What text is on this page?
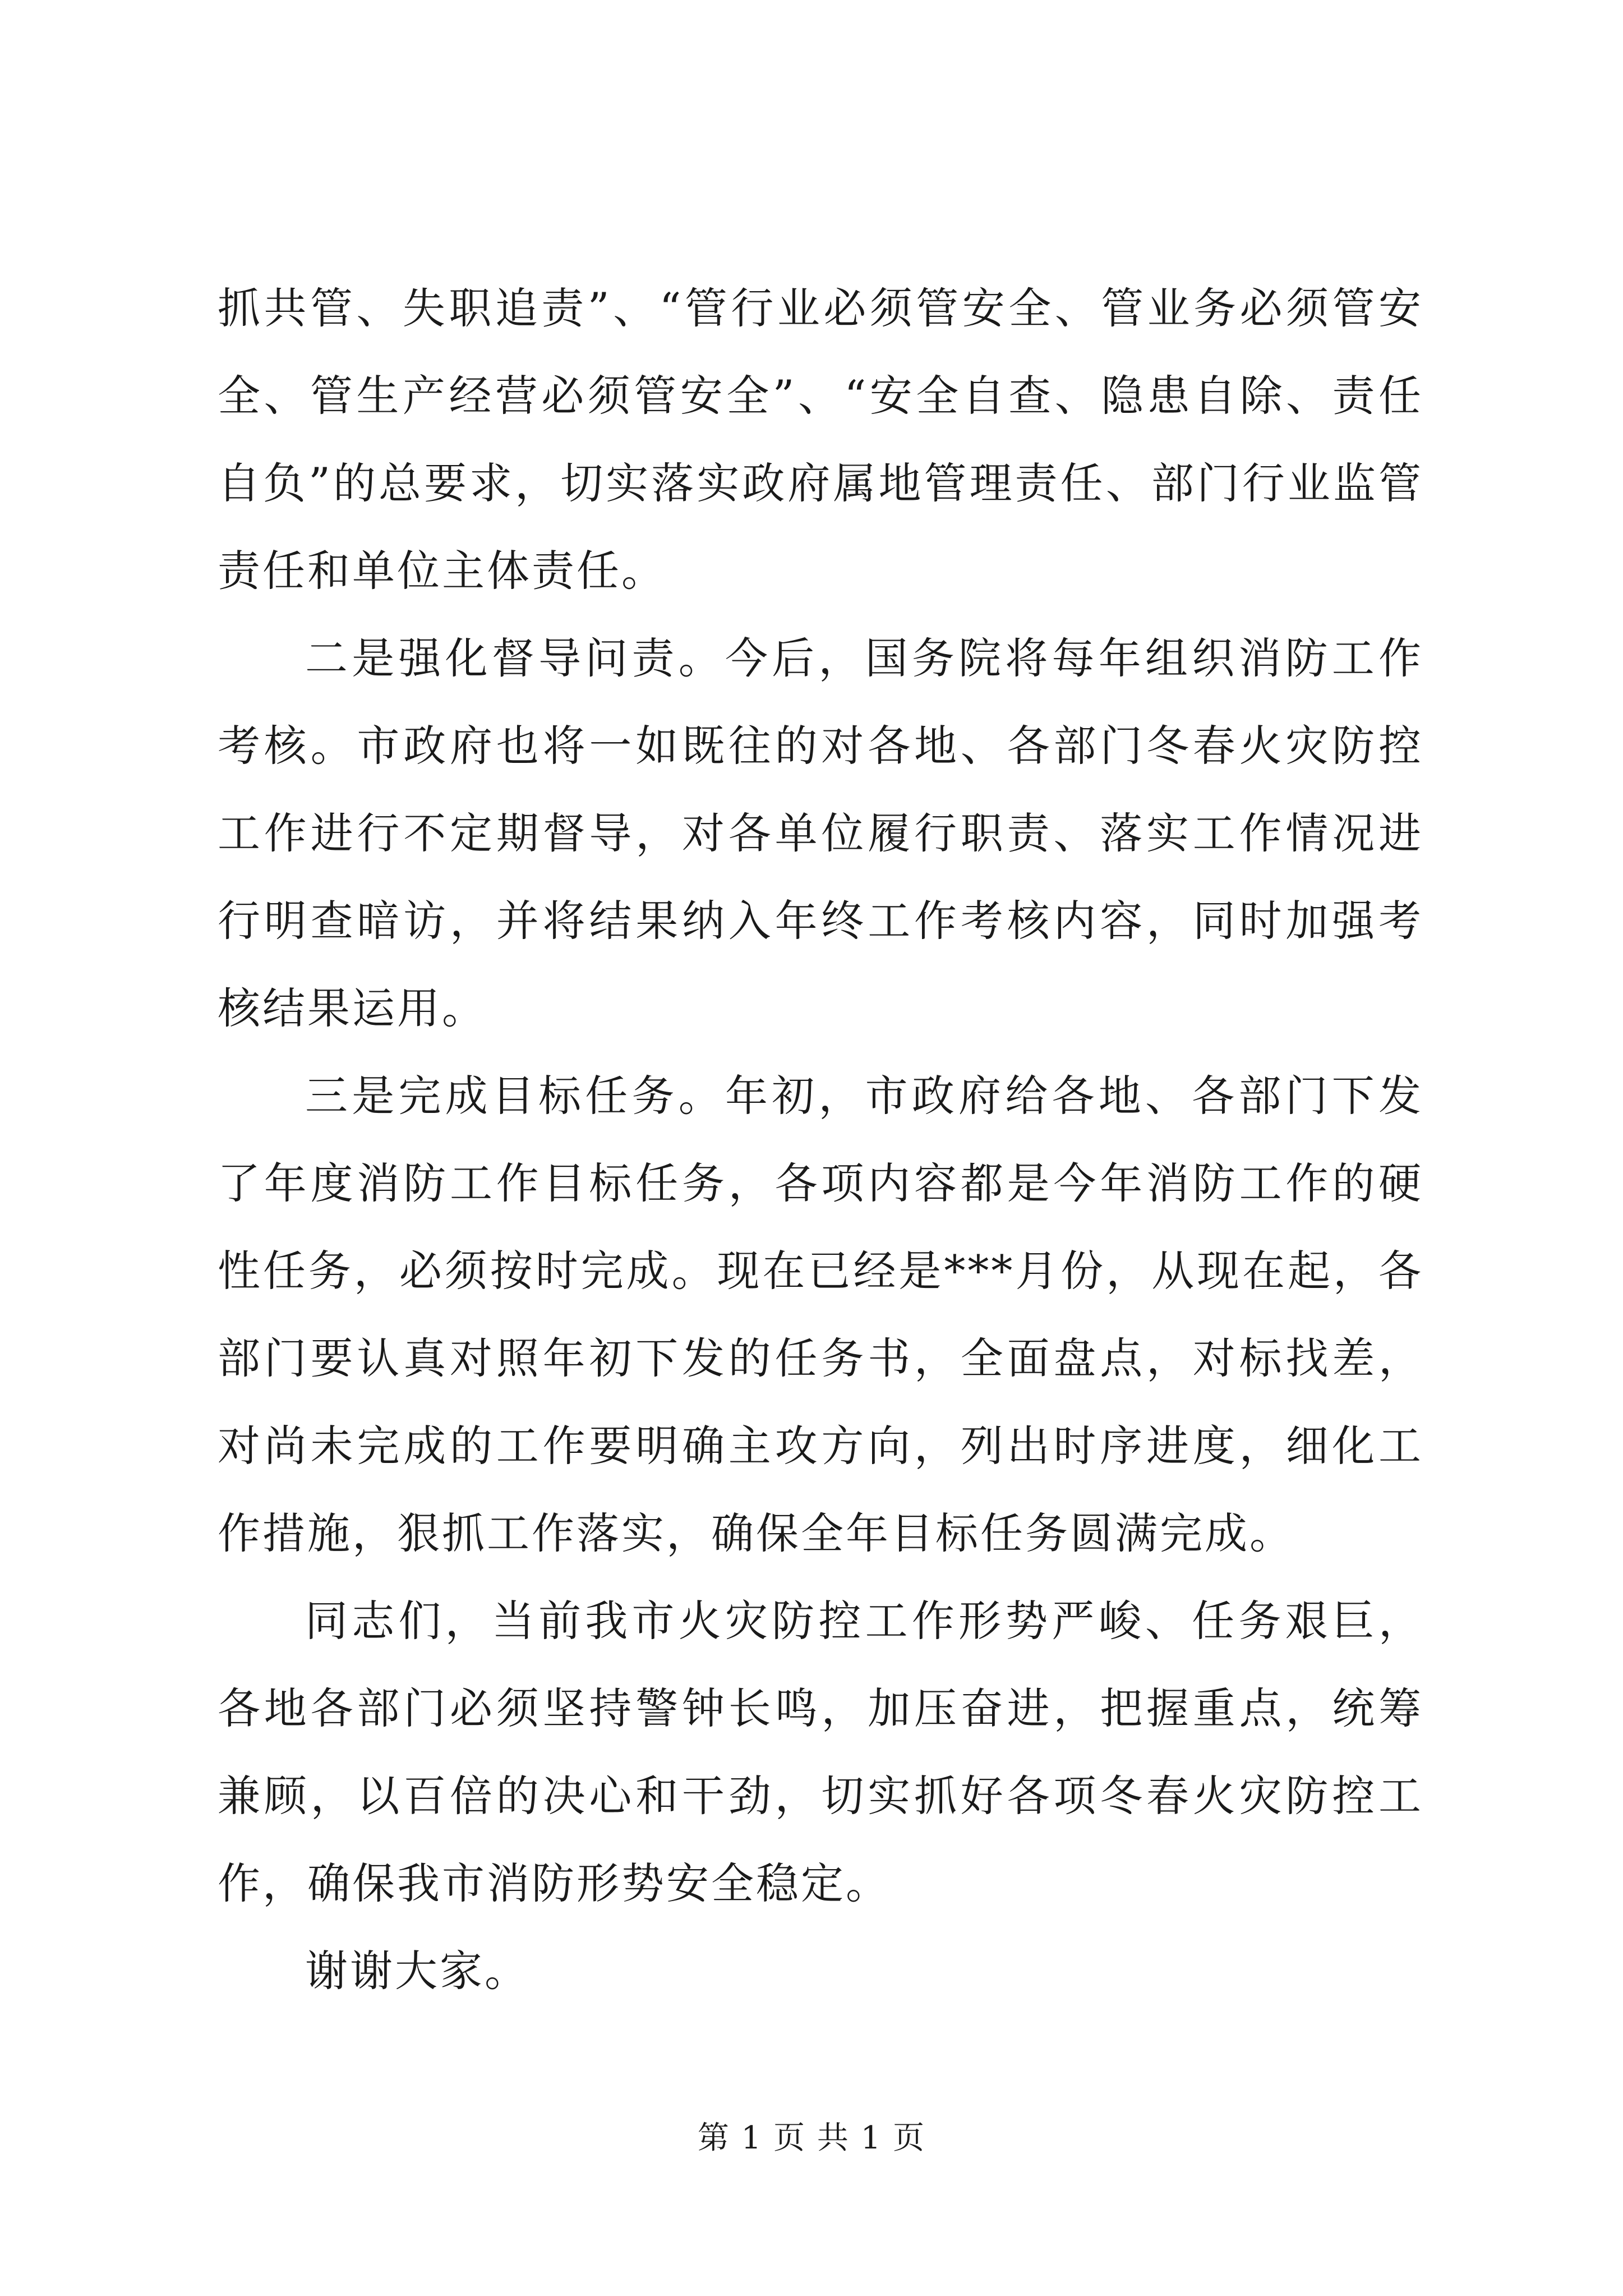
抓共管、失职追责”、“管行业必须管安全、管业务必须管安全、管生产经营必须管安全”、“安全自查、隐患自除、责任自负”的总要求，切实落实政府属地管理责任、部门行业监管责任和单位主体责任。

二是强化督导问责。今后，国务院将每年组织消防工作考核。市政府也将一如既往的对各地、各部门冬春火灾防控工作进行不定期督导，对各单位履行职责、落实工作情况进行明查暗访，并将结果纳入年终工作考核内容，同时加强考核结果运用。

三是完成目标任务。年初，市政府给各地、各部门下发了年度消防工作目标任务，各项内容都是今年消防工作的硬性任务，必须按时完成。现在已经是***月份，从现在起，各部门要认真对照年初下发的任务书，全面盘点，对标找差，对尚未完成的工作要明确主攻方向，列出时序进度，细化工作措施，狠抓工作落实，确保全年目标任务圆满完成。

同志们，当前我市火灾防控工作形势严峻、任务艰巨，各地各部门必须坚持警钟长鸣，加压奋进，把握重点，统筹兼顾，以百倍的决心和干劲，切实抓好各项冬春火灾防控工作，确保我市消防形势安全稳定。

谢谢大家。

第 1 页 共 1 页
